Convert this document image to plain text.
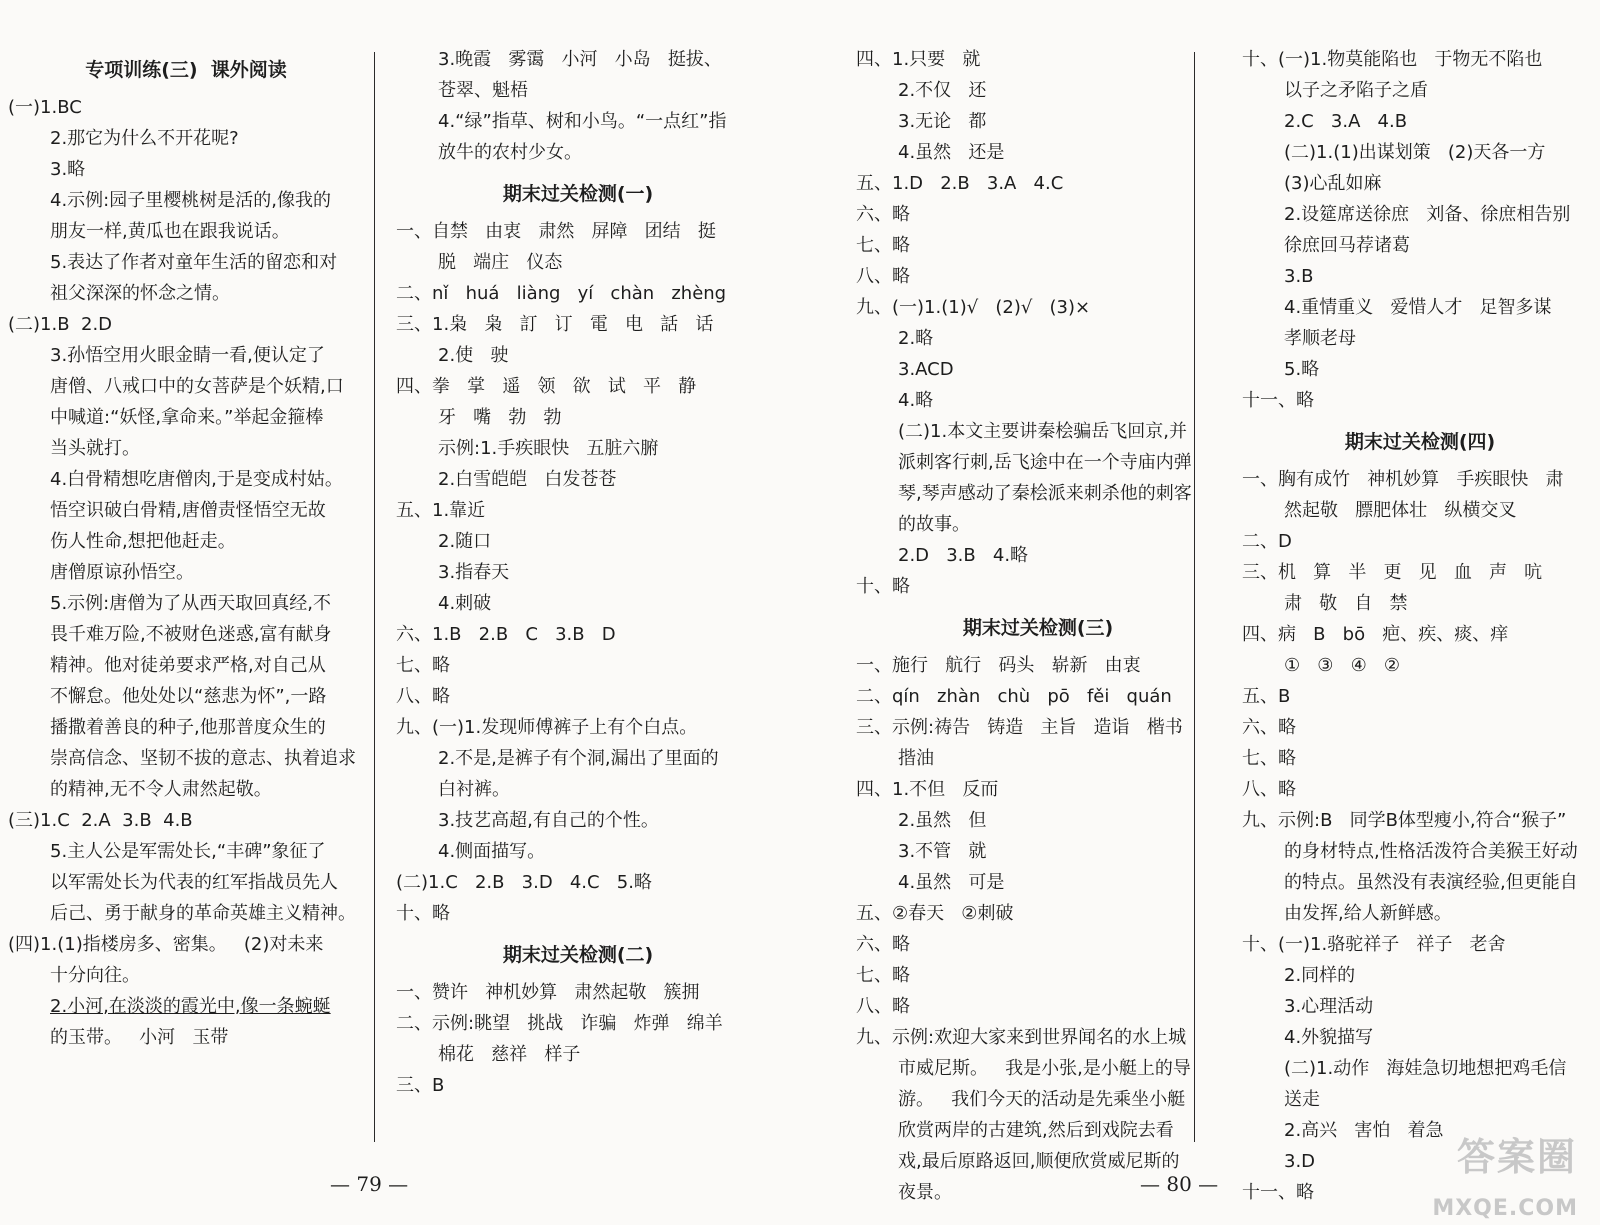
专项训练(三)  课外阅读
(一)1.BC
2.那它为什么不开花呢?
3.略
4.示例:园子里樱桃树是活的,像我的
朋友一样,黄瓜也在跟我说话。
5.表达了作者对童年生活的留恋和对
祖父深深的怀念之情。
(二)1.B  2.D
3.孙悟空用火眼金睛一看,便认定了
唐僧、八戒口中的女菩萨是个妖精,口
中喊道:“妖怪,拿命来。”举起金箍棒
当头就打。
4.白骨精想吃唐僧肉,于是变成村姑。
悟空识破白骨精,唐僧责怪悟空无故
伤人性命,想把他赶走。
唐僧原谅孙悟空。
5.示例:唐僧为了从西天取回真经,不
畏千难万险,不被财色迷惑,富有献身
精神。他对徒弟要求严格,对自己从
不懈怠。他处处以“慈悲为怀”,一路
播撒着善良的种子,他那普度众生的
崇高信念、坚韧不拔的意志、执着追求
的精神,无不令人肃然起敬。
(三)1.C  2.A  3.B  4.B
5.主人公是军需处长,“丰碑”象征了
以军需处长为代表的红军指战员先人
后己、勇于献身的革命英雄主义精神。
(四)1.(1)指楼房多、密集。   (2)对未来
十分向往。
2.小河,在淡淡的霞光中,像一条蜿蜒
的玉带。   小河   玉带
3.晚霞   雾霭   小河   小岛   挺拔、
苍翠、魁梧
4.“绿”指草、树和小鸟。“一点红”指
放牛的农村少女。
期末过关检测(一)
一、自禁   由衷   肃然   屏障   团结   挺
脱   端庄   仪态
二、nǐ   huá   liàng   yí   chàn   zhèng
三、1.枭   枭   訂   订   電   电   話   话
2.使   驶
四、拳   掌   遥   领   欲   试   平   静
牙   嘴   勃   勃
示例:1.手疾眼快   五脏六腑
2.白雪皑皑   白发苍苍
五、1.靠近
2.随口
3.指春天
4.刺破
六、1.B   2.B   C   3.B   D
七、略
八、略
九、(一)1.发现师傅裤子上有个白点。
2.不是,是裤子有个洞,漏出了里面的
白衬裤。
3.技艺高超,有自己的个性。
4.侧面描写。
(二)1.C   2.B   3.D   4.C   5.略
十、略
期末过关检测(二)
一、赞许   神机妙算   肃然起敬   簇拥
二、示例:眺望   挑战   诈骗   炸弹   绵羊
棉花   慈祥   样子
三、B
四、1.只要   就
2.不仅   还
3.无论   都
4.虽然   还是
五、1.D   2.B   3.A   4.C
六、略
七、略
八、略
九、(一)1.(1)√   (2)√   (3)×
2.略
3.ACD
4.略
(二)1.本文主要讲秦桧骗岳飞回京,并
派刺客行刺,岳飞途中在一个寺庙内弹
琴,琴声感动了秦桧派来刺杀他的刺客
的故事。
2.D   3.B   4.略
十、略
期末过关检测(三)
一、施行   航行   码头   崭新   由衷
二、qín   zhàn   chù   pō   fěi   quán
三、示例:祷告   铸造   主旨   造诣   楷书
揩油
四、1.不但   反而
2.虽然   但
3.不管   就
4.虽然   可是
五、②春天   ②刺破
六、略
七、略
八、略
九、示例:欢迎大家来到世界闻名的水上城
市威尼斯。   我是小张,是小艇上的导
游。   我们今天的活动是先乘坐小艇
欣赏两岸的古建筑,然后到戏院去看
戏,最后原路返回,顺便欣赏威尼斯的
夜景。
十、(一)1.物莫能陷也   于物无不陷也
以子之矛陷子之盾
2.C   3.A   4.B
(二)1.(1)出谋划策   (2)天各一方
(3)心乱如麻
2.设筵席送徐庶   刘备、徐庶相告别
徐庶回马荐诸葛
3.B
4.重情重义   爱惜人才   足智多谋
孝顺老母
5.略
十一、略
期末过关检测(四)
一、胸有成竹   神机妙算   手疾眼快   肃
然起敬   膘肥体壮   纵横交叉
二、D
三、机   算   半   更   见   血   声   吭
肃   敬   自   禁
四、病   B   bō   疤、疾、痰、痒
①   ③   ④   ②
五、B
六、略
七、略
八、略
九、示例:B   同学B体型瘦小,符合“猴子”
的身材特点,性格活泼符合美猴王好动
的特点。虽然没有表演经验,但更能自
由发挥,给人新鲜感。
十、(一)1.骆驼祥子   祥子   老舍
2.同样的
3.心理活动
4.外貌描写
(二)1.动作   海娃急切地想把鸡毛信
送走
2.高兴   害怕   着急
3.D
十一、略
— 79 —	— 80 —
答案圈
MXQE.COM
